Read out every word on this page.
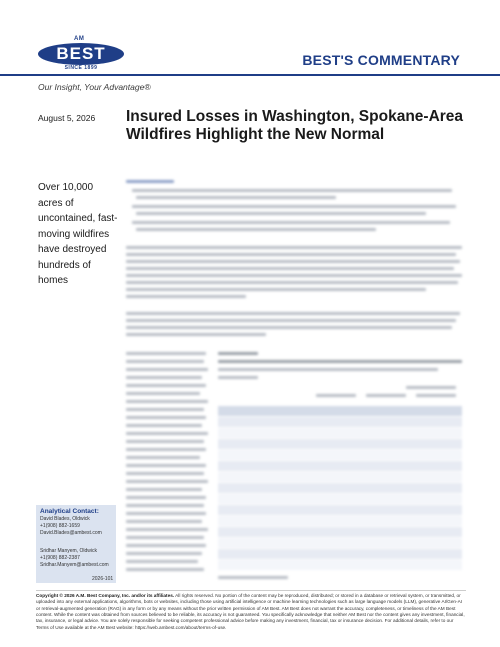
AM
BEST
SINCE 1899	BEST'S COMMENTARY
Our Insight, Your Advantage®
August 5, 2026 Insured Losses in Washington, Spokane-Area Wildfires Highlight the New Normal
Over 10,000 acres of uncontained, fast-moving wildfires have destroyed hundreds of homes
Analytical Contact:
David Blades, Oldwick
+1(908) 882-1659
David.Blades@ambest.com
Sridhar Manyem, Oldwick
+1(908) 882-2387
Sridhar.Manyem@ambest.com
2026-101
Copyright © 2026 A.M. Best Company, Inc. and/or its affiliates. All rights reserved. No portion of the content may be reproduced, distributed; or stored in a database or retrieval system, or transmitted, or uploaded into any external applications, algorithms, bots or websites, including those using artificial intelligence or machine learning technologies such as large language models (LLM), generative AI/Gen-AI or retrieval-augmented generation (RAG) in any form or by any means without the prior written permission of AM Best. AM Best does not warrant the accuracy, completeness, or timeliness of the AM Best content. While the content was obtained from sources believed to be reliable, its accuracy is not guaranteed. You specifically acknowledge that neither AM Best nor the content gives any investment, financial, tax, insurance, or legal advice. You are solely responsible for seeking competent professional advice before making any investment, financial, tax or insurance decision. For additional details, refer to our Terms of Use available at the AM Best website: https://web.ambest.com/about/terms-of-use.
